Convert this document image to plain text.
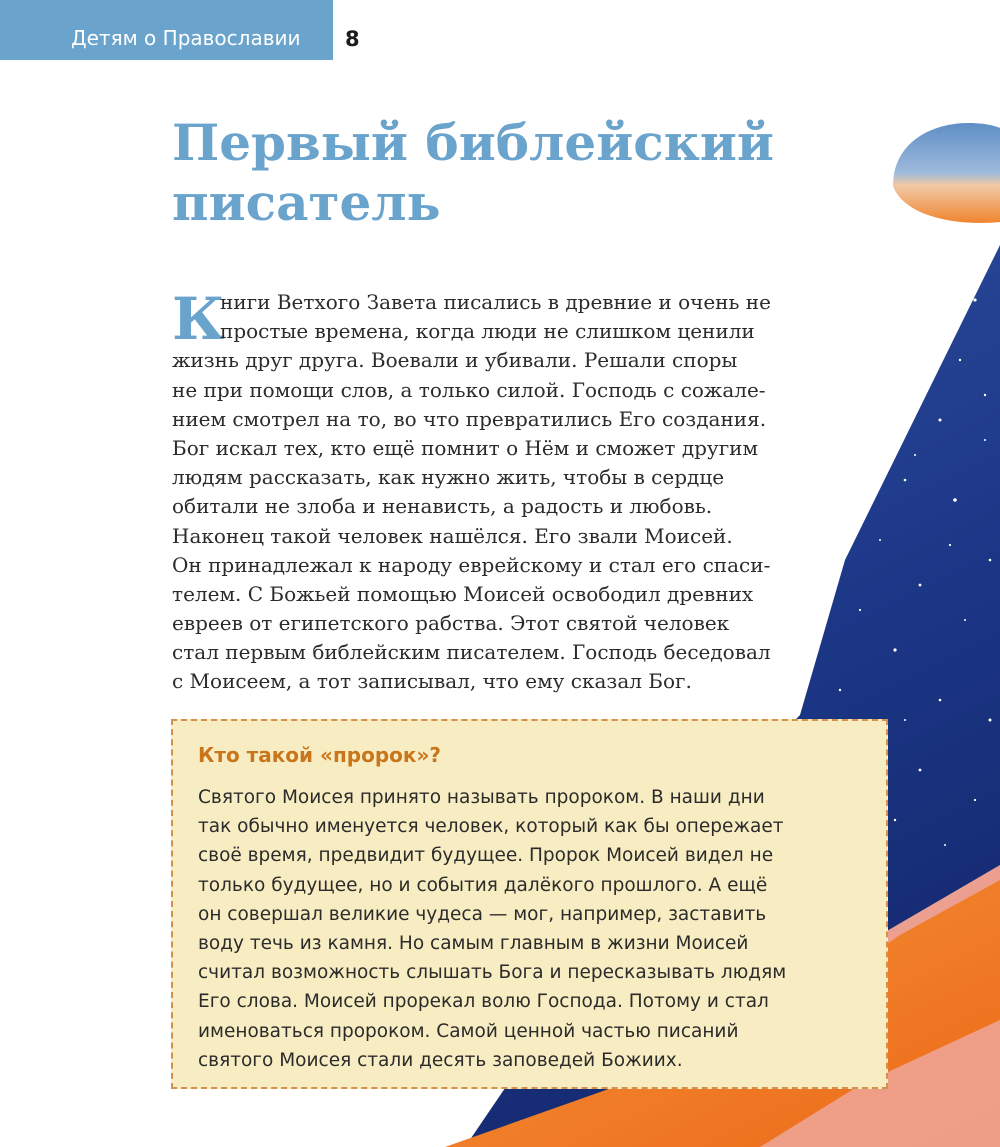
Детям о Православии 8
Первый библейский
писатель
К

ниги Ветхого Завета писались в древние и очень не
простые времена, когда люди не слишком ценили
жизнь друг друга. Воевали и убивали. Решали споры
не при помощи слов, а только силой. Господь с сожале-
нием смотрел на то, во что превратились Его создания.
Бог искал тех, кто ещё помнит о Нём и сможет другим
людям рассказать, как нужно жить, чтобы в сердце
обитали не злоба и ненависть, а радость и любовь.
Наконец такой человек нашёлся. Его звали Моисей.
Он принадлежал к народу еврейскому и стал его спаси-
телем. С Божьей помощью Моисей освободил древних
евреев от египетского рабства. Этот святой человек
стал первым библейским писателем. Господь беседовал
с Моисеем, а тот записывал, что ему сказал Бог.

Кто такой «пророк»?

Святого Моисея принято называть пророком. В наши дни
так обычно именуется человек, который как бы опережает
своё время, предвидит будущее. Пророк Моисей видел не
только будущее, но и события далёкого прошлого. А ещё
он совершал великие чудеса — мог, например, заставить
воду течь из камня. Но самым главным в жизни Моисей
считал возможность слышать Бога и пересказывать людям
Его слова. Моисей прорекал волю Господа. Потому и стал
именоваться пророком. Самой ценной частью писаний
святого Моисея стали десять заповедей Божиих.
